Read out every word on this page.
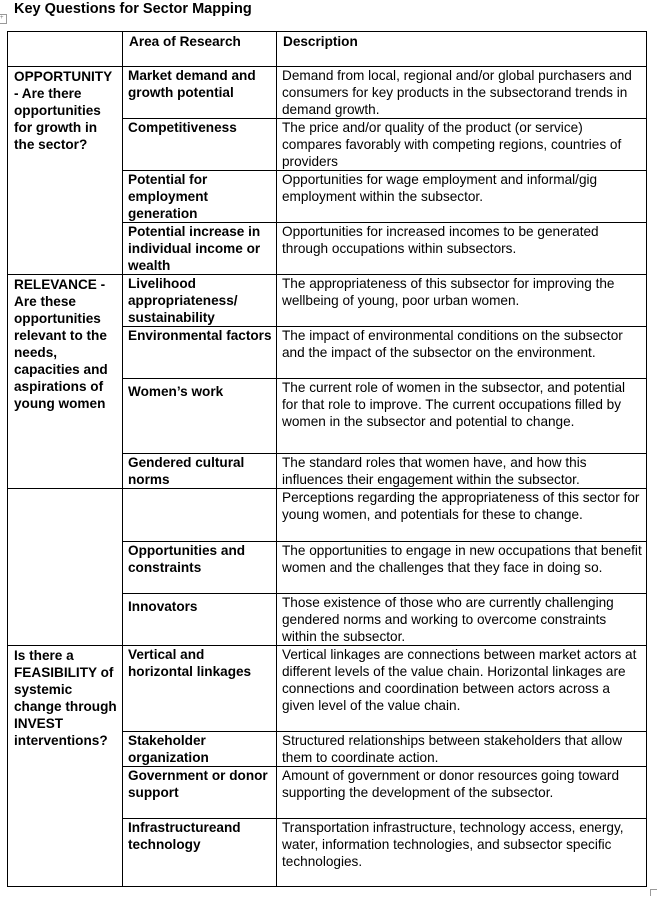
Key Questions for Sector Mapping
+
	Area of Research	Description
OPPORTUNITY - Are there opportunities for growth in the sector?	Market demand and growth potential	Demand from local, regional and/or global purchasers and consumers for key products in the subsectorand trends in demand growth.
	Competitiveness	The price and/or quality of the product (or service) compares favorably with competing regions, countries of providers
	Potential for employment generation	Opportunities for wage employment and informal/gig employment within the subsector.
	Potential increase in individual income or wealth	Opportunities for increased incomes to be generated through occupations within subsectors.
RELEVANCE - Are these opportunities relevant to the needs, capacities and aspirations of young women	Livelihood appropriateness/ sustainability	The appropriateness of this subsector for improving the wellbeing of young, poor urban women.
	Environmental factors	The impact of environmental conditions on the subsector and the impact of the subsector on the environment.
	Women’s work	The current role of women in the subsector, and potential for that role to improve. The current occupations filled by women in the subsector and potential to change.
	Gendered cultural norms	The standard roles that women have, and how this influences their engagement within the subsector.
		Perceptions regarding the appropriateness of this sector for young women, and potentials for these to change.
	Opportunities and constraints	The opportunities to engage in new occupations that benefit women and the challenges that they face in doing so.
	Innovators	Those existence of those who are currently challenging gendered norms and working to overcome constraints within the subsector.
Is there a FEASIBILITY of systemic change through INVEST interventions?	Vertical and horizontal linkages	Vertical linkages are connections between market actors at different levels of the value chain. Horizontal linkages are connections and coordination between actors across a given level of the value chain.
	Stakeholder organization	Structured relationships between stakeholders that allow them to coordinate action.
	Government or donor support	Amount of government or donor resources going toward supporting the development of the subsector.
	Infrastructureand technology	Transportation infrastructure, technology access, energy, water, information technologies, and subsector specific technologies.
